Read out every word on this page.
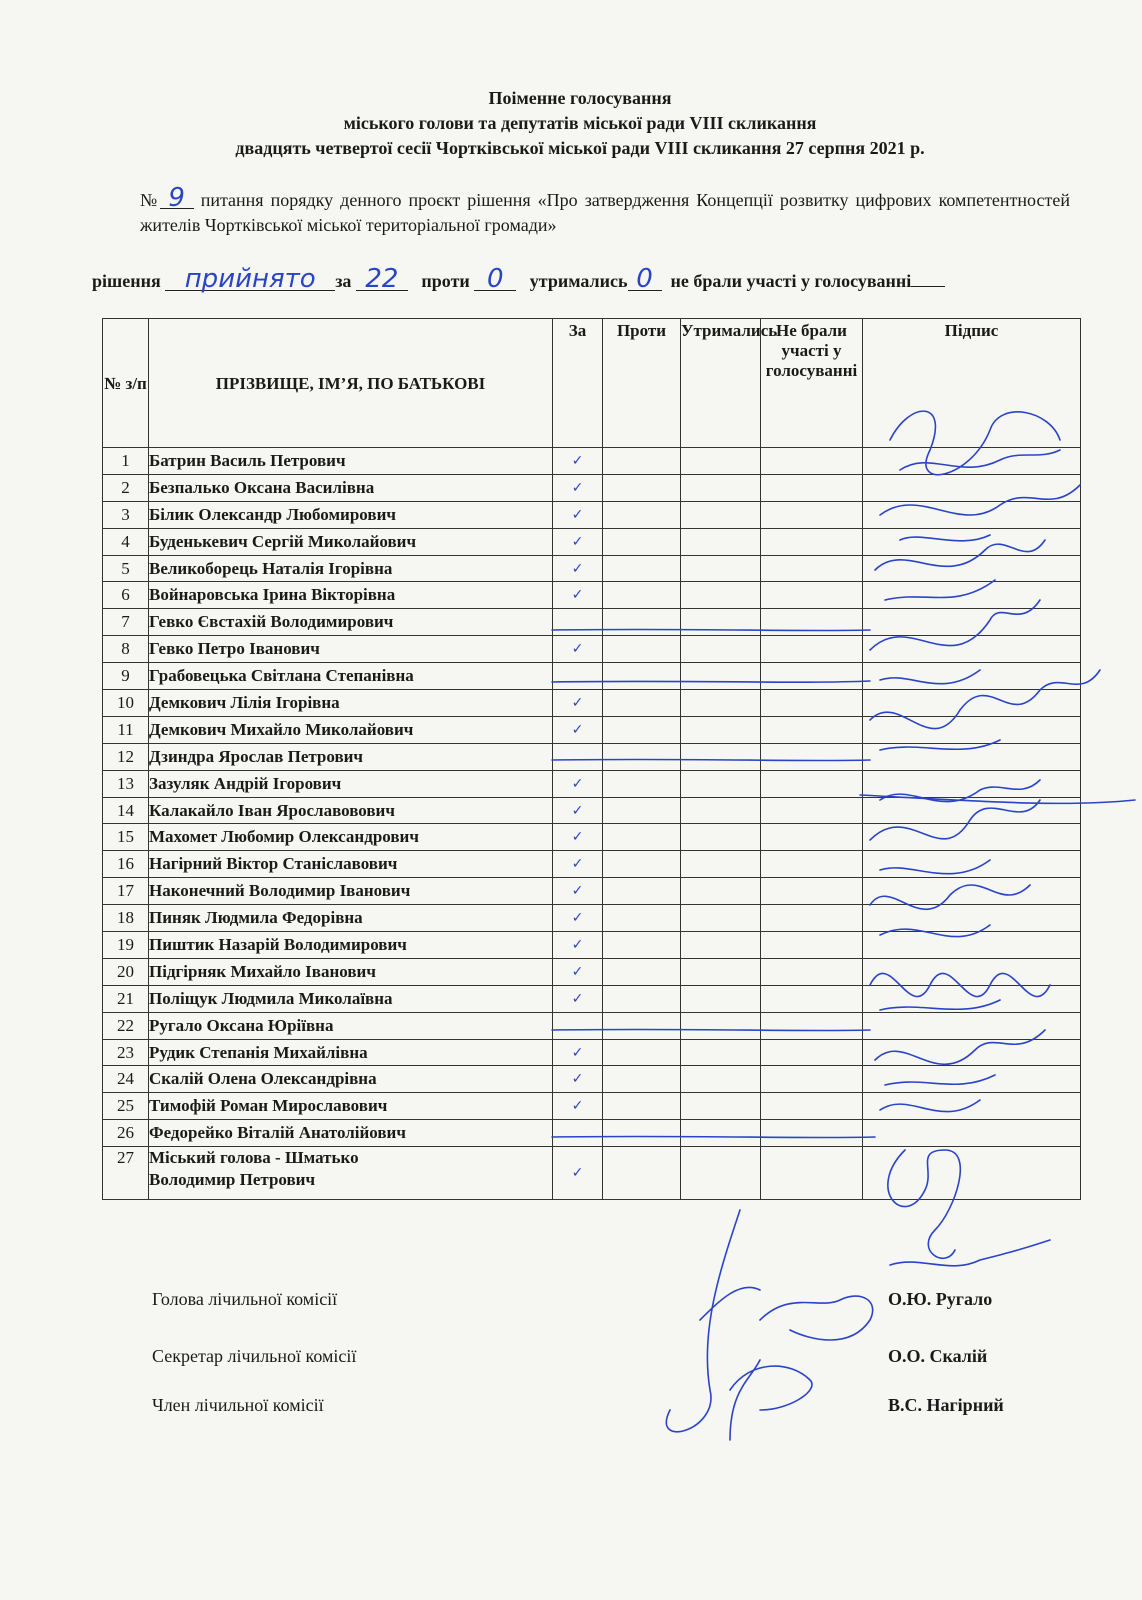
Поіменне голосування
міського голови та депутатів міської ради VIII скликання
двадцять четвертої сесії Чортківської міської ради VIII скликання 27 серпня 2021 р.
№ 9 питання порядку денного проєкт рішення «Про затвердження Концепції розвитку цифрових компетентностей жителів Чортківської міської територіальної громади»
рішення прийнято за 22 проти 0 утримались 0 не брали участі у голосуванні
№ з/п	ПРІЗВИЩЕ, ІМ’Я, ПО БАТЬКОВІ	За	Проти	Утримались	Не брали участі у голосуванні	Підпис
1	Батрин Василь Петрович	✓				
2	Безпалько Оксана Василівна	✓				
3	Білик Олександр Любомирович	✓				
4	Буденькевич Сергій Миколайович	✓				
5	Великоборець Наталія Ігорівна	✓				
6	Войнаровська Ірина Вікторівна	✓				
7	Гевко Євстахій Володимирович					
8	Гевко Петро Іванович	✓				
9	Грабовецька Світлана Степанівна					
10	Демкович Лілія Ігорівна	✓				
11	Демкович Михайло Миколайович	✓				
12	Дзиндра Ярослав Петрович					
13	Зазуляк Андрій Ігорович	✓				
14	Калакайло Іван Ярославовович	✓				
15	Махомет Любомир Олександрович	✓				
16	Нагірний Віктор Станіславович	✓				
17	Наконечний Володимир Іванович	✓				
18	Пиняк Людмила Федорівна	✓				
19	Пиштик Назарій Володимирович	✓				
20	Підгірняк Михайло Іванович	✓				
21	Поліщук Людмила Миколаївна	✓				
22	Ругало Оксана Юріївна					
23	Рудик Степанія Михайлівна	✓				
24	Скалій Олена Олександрівна	✓				
25	Тимофій Роман Мирославович	✓				
26	Федорейко Віталій Анатолійович					
27	Міський голова - Шматько
Володимир Петрович	✓				
Голова лічильної комісії	О.Ю. Ругало
Секретар лічильної комісії	О.О. Скалій
Член лічильної комісії	В.С. Нагірний
